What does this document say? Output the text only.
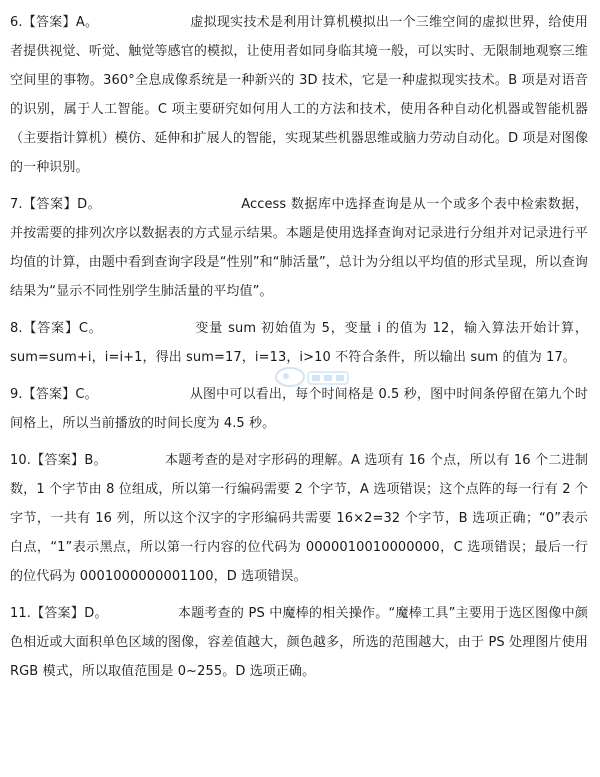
6.【答案】A。	虚拟现实技术是利用计算机模拟出一个三维空间的虚拟世界，给使用者提供视觉、听觉、触觉等感官的模拟，让使用者如同身临其境一般，可以实时、无限制地观察三维空间里的事物。360°全息成像系统是一种新兴的 3D 技术，它是一种虚拟现实技术。B 项是对语音的识别，属于人工智能。C 项主要研究如何用人工的方法和技术，使用各种自动化机器或智能机器（主要指计算机）模仿、延伸和扩展人的智能，实现某些机器思维或脑力劳动自动化。D 项是对图像的一种识别。

7.【答案】D。	Access 数据库中选择查询是从一个或多个表中检索数据，并按需要的排列次序以数据表的方式显示结果。本题是使用选择查询对记录进行分组并对记录进行平均值的计算，由题中看到查询字段是“性别”和“肺活量”，总计为分组以平均值的形式呈现，所以查询结果为“显示不同性别学生肺活量的平均值”。

8.【答案】C。	变量 sum 初始值为 5，变量 i 的值为 12，输入算法开始计算，sum=sum+i，i=i+1，得出 sum=17，i=13，i>10 不符合条件，所以输出 sum 的值为 17。

9.【答案】C。	从图中可以看出，每个时间格是 0.5 秒，图中时间条停留在第九个时间格上，所以当前播放的时间长度为 4.5 秒。

10.【答案】B。	本题考查的是对字形码的理解。A 选项有 16 个点，所以有 16 个二进制数，1 个字节由 8 位组成，所以第一行编码需要 2 个字节，A 选项错误；这个点阵的每一行有 2 个字节，一共有 16 列，所以这个汉字的字形编码共需要 16×2=32 个字节，B 选项正确；“0”表示白点，“1”表示黑点，所以第一行内容的位代码为 0000010010000000，C 选项错误；最后一行的位代码为 0001000000001100，D 选项错误。

11.【答案】D。	本题考查的 PS 中魔棒的相关操作。“魔棒工具”主要用于选区图像中颜色相近或大面积单色区域的图像，容差值越大，颜色越多，所选的范围越大，由于 PS 处理图片使用 RGB 模式，所以取值范围是 0~255。D 选项正确。
